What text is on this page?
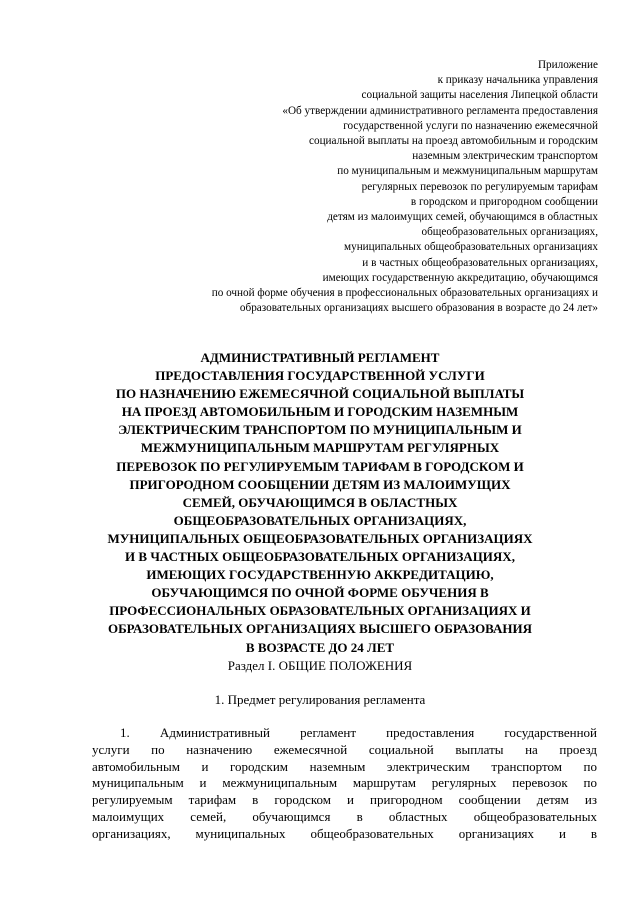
Приложение
к приказу начальника управления
социальной защиты населения Липецкой области
«Об утверждении административного регламента предоставления
государственной услуги по назначению ежемесячной
социальной выплаты на проезд автомобильным и городским
наземным электрическим транспортом
по муниципальным и межмуниципальным маршрутам
регулярных перевозок по регулируемым тарифам
в городском и пригородном сообщении
детям из малоимущих семей, обучающимся в областных
общеобразовательных организациях,
муниципальных общеобразовательных организациях
и в частных общеобразовательных организациях,
имеющих государственную аккредитацию, обучающимся
по очной форме обучения в профессиональных образовательных организациях и
образовательных организациях высшего образования в возрасте до 24 лет»
АДМИНИСТРАТИВНЫЙ РЕГЛАМЕНТ
ПРЕДОСТАВЛЕНИЯ ГОСУДАРСТВЕННОЙ УСЛУГИ
ПО НАЗНАЧЕНИЮ ЕЖЕМЕСЯЧНОЙ СОЦИАЛЬНОЙ ВЫПЛАТЫ
НА ПРОЕЗД АВТОМОБИЛЬНЫМ И ГОРОДСКИМ НАЗЕМНЫМ
ЭЛЕКТРИЧЕСКИМ ТРАНСПОРТОМ ПО МУНИЦИПАЛЬНЫМ И
МЕЖМУНИЦИПАЛЬНЫМ МАРШРУТАМ РЕГУЛЯРНЫХ
ПЕРЕВОЗОК ПО РЕГУЛИРУЕМЫМ ТАРИФАМ В ГОРОДСКОМ И
ПРИГОРОДНОМ СООБЩЕНИИ ДЕТЯМ ИЗ МАЛОИМУЩИХ
СЕМЕЙ, ОБУЧАЮЩИМСЯ В ОБЛАСТНЫХ
ОБЩЕОБРАЗОВАТЕЛЬНЫХ ОРГАНИЗАЦИЯХ,
МУНИЦИПАЛЬНЫХ ОБЩЕОБРАЗОВАТЕЛЬНЫХ ОРГАНИЗАЦИЯХ
И В ЧАСТНЫХ ОБЩЕОБРАЗОВАТЕЛЬНЫХ ОРГАНИЗАЦИЯХ,
ИМЕЮЩИХ ГОСУДАРСТВЕННУЮ АККРЕДИТАЦИЮ,
ОБУЧАЮЩИМСЯ ПО ОЧНОЙ ФОРМЕ ОБУЧЕНИЯ В
ПРОФЕССИОНАЛЬНЫХ ОБРАЗОВАТЕЛЬНЫХ ОРГАНИЗАЦИЯХ И
ОБРАЗОВАТЕЛЬНЫХ ОРГАНИЗАЦИЯХ ВЫСШЕГО ОБРАЗОВАНИЯ
В ВОЗРАСТЕ ДО 24 ЛЕТ
Раздел I. ОБЩИЕ ПОЛОЖЕНИЯ
1. Предмет регулирования регламента
1. Административный регламент предоставления государственной
услуги по назначению ежемесячной социальной выплаты на проезд
автомобильным и городским наземным электрическим транспортом по
муниципальным и межмуниципальным маршрутам регулярных перевозок по
регулируемым тарифам в городском и пригородном сообщении детям из
малоимущих семей, обучающимся в областных общеобразовательных
организациях, муниципальных общеобразовательных организациях и в
